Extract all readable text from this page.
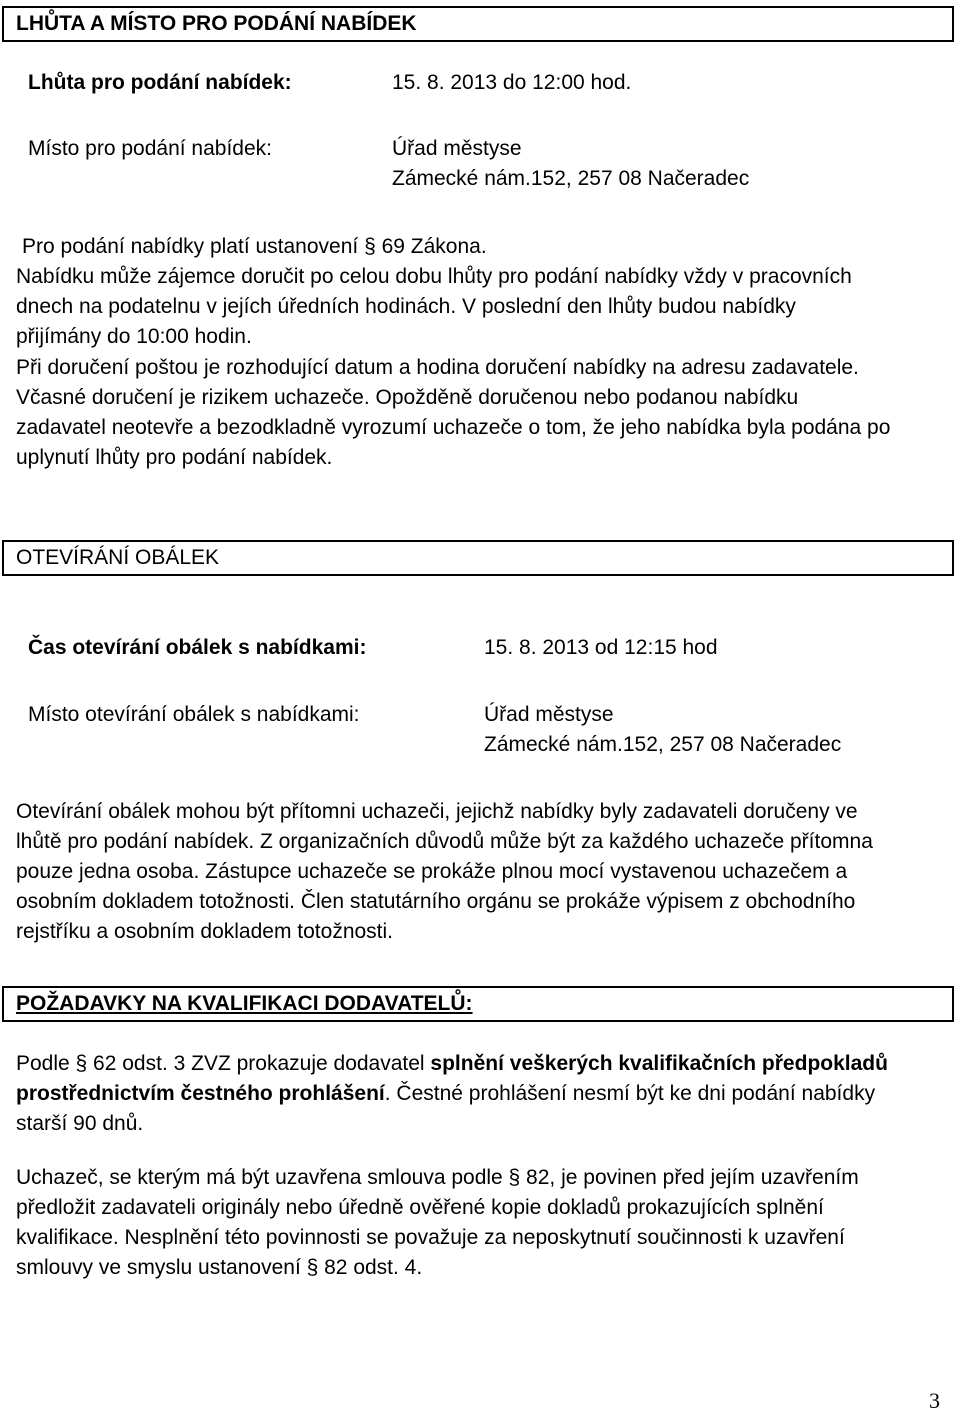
LHŮTA A MÍSTO PRO PODÁNÍ NABÍDEK
Lhůta pro podání nabídek:	15. 8. 2013 do 12:00 hod.
Místo pro podání nabídek:	Úřad městyse
Zámecké nám.152, 257 08 Načeradec
Pro podání nabídky platí ustanovení § 69 Zákona.
Nabídku může zájemce doručit po celou dobu lhůty pro podání nabídky vždy v pracovních
dnech na podatelnu v jejích úředních hodinách. V poslední den lhůty budou nabídky
přijímány do 10:00 hodin.
Při doručení poštou je rozhodující datum a hodina doručení nabídky na adresu zadavatele.
Včasné doručení je rizikem uchazeče. Opožděně doručenou nebo podanou nabídku
zadavatel neotevře a bezodkladně vyrozumí uchazeče o tom, že jeho nabídka byla podána po
uplynutí lhůty pro podání nabídek.
OTEVÍRÁNÍ OBÁLEK
Čas otevírání obálek s nabídkami:	15. 8. 2013 od 12:15 hod
Místo otevírání obálek s nabídkami:	Úřad městyse
Zámecké nám.152, 257 08 Načeradec
Otevírání obálek mohou být přítomni uchazeči, jejichž nabídky byly zadavateli doručeny ve
lhůtě pro podání nabídek. Z organizačních důvodů může být za každého uchazeče přítomna
pouze jedna osoba. Zástupce uchazeče se prokáže plnou mocí vystavenou uchazečem a
osobním dokladem totožnosti. Člen statutárního orgánu se prokáže výpisem z obchodního
rejstříku a osobním dokladem totožnosti.
POŽADAVKY NA KVALIFIKACI DODAVATELŮ:
Podle § 62 odst. 3 ZVZ prokazuje dodavatel splnění veškerých kvalifikačních předpokladů
prostřednictvím čestného prohlášení. Čestné prohlášení nesmí být ke dni podání nabídky
starší 90 dnů.
Uchazeč, se kterým má být uzavřena smlouva podle § 82, je povinen před jejím uzavřením
předložit zadavateli originály nebo úředně ověřené kopie dokladů prokazujících splnění
kvalifikace. Nesplnění této povinnosti se považuje za neposkytnutí součinnosti k uzavření
smlouvy ve smyslu ustanovení § 82 odst. 4.
3
